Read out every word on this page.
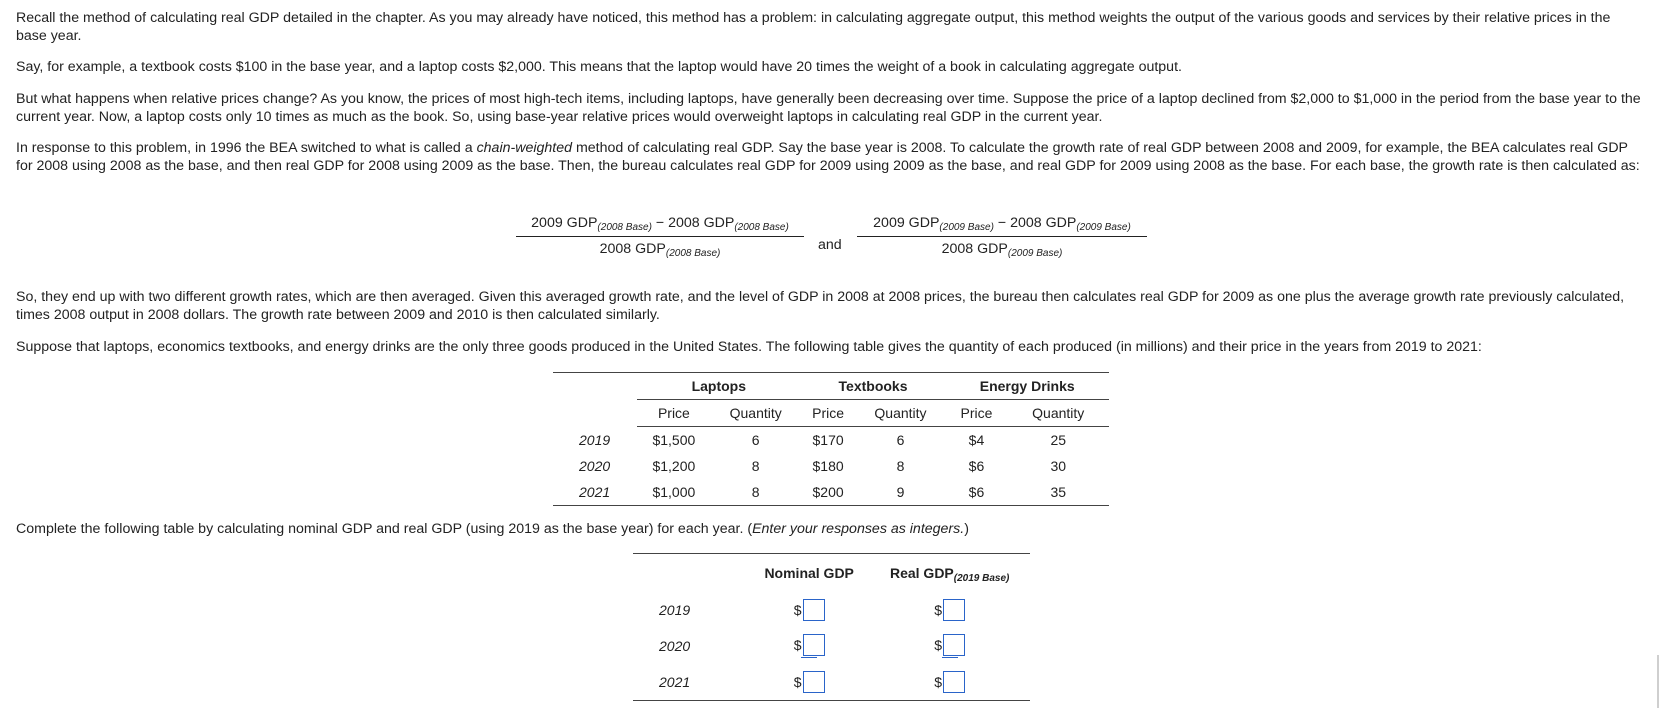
Recall the method of calculating real GDP detailed in the chapter. As you may already have noticed, this method has a problem: in calculating aggregate output, this method weights the output of the various goods and services by their relative prices in the base year.

Say, for example, a textbook costs $100 in the base year, and a laptop costs $2,000. This means that the laptop would have 20 times the weight of a book in calculating aggregate output.

But what happens when relative prices change? As you know, the prices of most high-tech items, including laptops, have generally been decreasing over time. Suppose the price of a laptop declined from $2,000 to $1,000 in the period from the base year to the current year. Now, a laptop costs only 10 times as much as the book. So, using base-year relative prices would overweight laptops in calculating real GDP in the current year.

In response to this problem, in 1996 the BEA switched to what is called a chain-weighted method of calculating real GDP. Say the base year is 2008. To calculate the growth rate of real GDP between 2008 and 2009, for example, the BEA calculates real GDP for 2008 using 2008 as the base, and then real GDP for 2008 using 2009 as the base. Then, the bureau calculates real GDP for 2009 using 2009 as the base, and real GDP for 2009 using 2008 as the base. For each base, the growth rate is then calculated as:

2009 $GDP_{(2008 Base)} - 2008$ $GDP_{(2008 Base)}$
2008 $GDP_{(2008 Base)}$
and
2009 $GDP_{(2009 Base)} - 2008$ $GDP_{(2009 Base)}$
2008 $GDP_{(2009 Base)}$

So, they end up with two different growth rates, which are then averaged. Given this averaged growth rate, and the level of GDP in 2008 at 2008 prices, the bureau then calculates real GDP for 2009 as one plus the average growth rate previously calculated, times 2008 output in 2008 dollars. The growth rate between 2009 and 2010 is then calculated similarly.

Suppose that laptops, economics textbooks, and energy drinks are the only three goods produced in the United States. The following table gives the quantity of each produced (in millions) and their price in the years from 2019 to 2021:

	Laptops		Textbooks		Energy Drinks	
	Price	Quantity	Price	Quantity	Price	Quantity
2019	$1,500	6	$170	6	$4	25
2020	$1,200	8	$180	8	$6	30
2021	$1,000	8	$200	9	$6	35

Complete the following table by calculating nominal GDP and real GDP (using 2019 as the base year) for each year. (Enter your responses as integers.)

	Nominal GDP	Real $GDP_{(2019 Base)}$
2019	$	$
2020	$	$

2021	$	$
